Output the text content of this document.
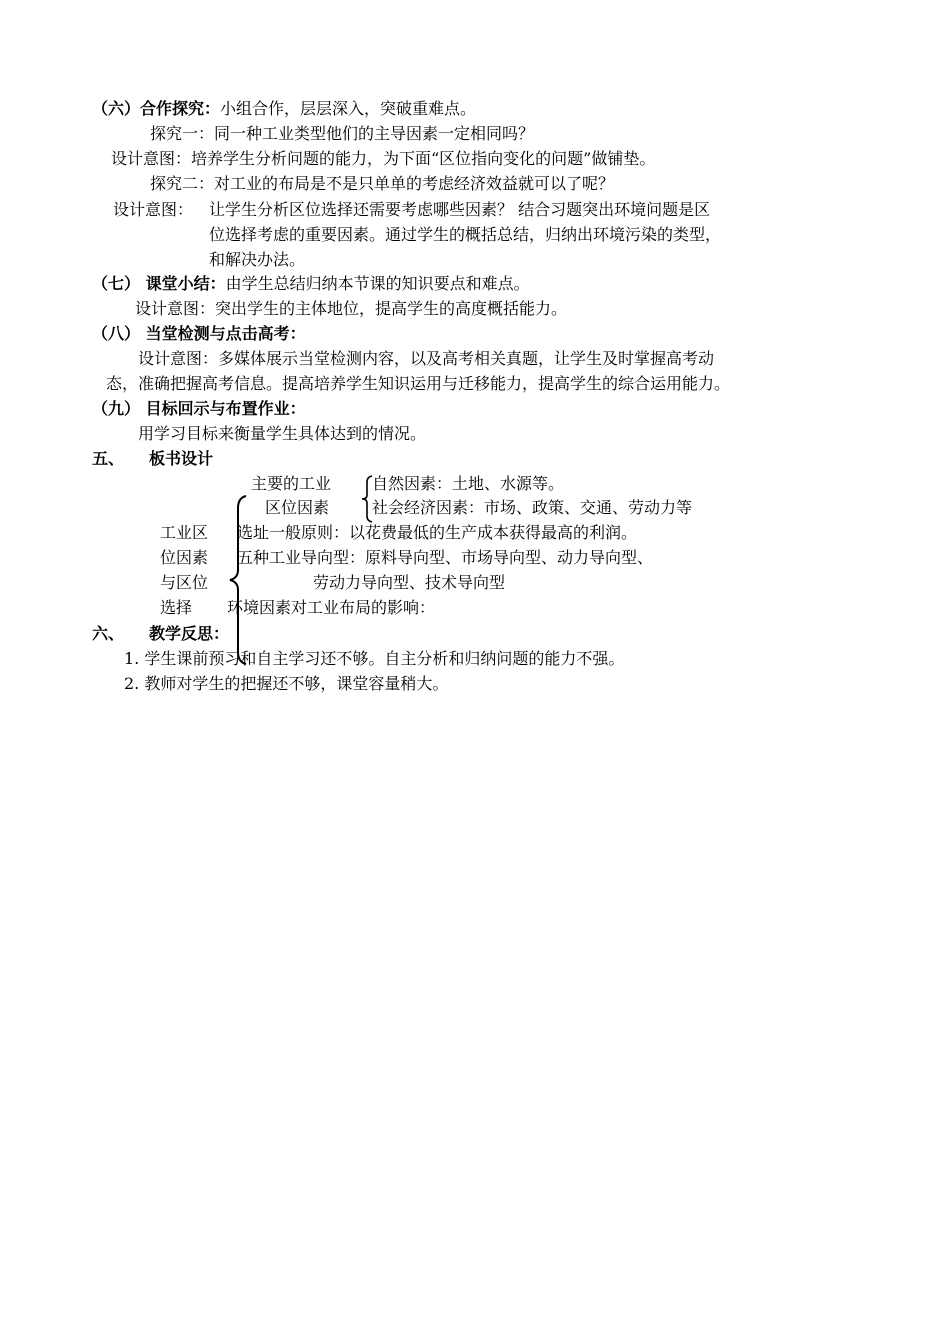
（六）合作探究：小组合作，层层深入，突破重难点。
探究一：同一种工业类型他们的主导因素一定相同吗？
设计意图：培养学生分析问题的能力，为下面“区位指向变化的问题”做铺垫。
探究二：对工业的布局是不是只单单的考虑经济效益就可以了呢？
设计意图： 让学生分析区位选择还需要考虑哪些因素？ 结合习题突出环境问题是区
位选择考虑的重要因素。通过学生的概括总结，归纳出环境污染的类型，
和解决办法。
（七） 课堂小结：由学生总结归纳本节课的知识要点和难点。
设计意图：突出学生的主体地位，提高学生的高度概括能力。
（八） 当堂检测与点击高考：
设计意图：多媒体展示当堂检测内容，以及高考相关真题，让学生及时掌握高考动
态，准确把握高考信息。提高培养学生知识运用与迁移能力，提高学生的综合运用能力。
（九） 目标回示与布置作业：
用学习目标来衡量学生具体达到的情况。
五、 板书设计
主要的工业
区位因素
自然因素：土地、水源等。
社会经济因素：市场、政策、交通、劳动力等
工业区
位因素
与区位
选择
选址一般原则：以花费最低的生产成本获得最高的利润。
五种工业导向型：原料导向型、市场导向型、动力导向型、
劳动力导向型、技术导向型
环境因素对工业布局的影响：
六、 教学反思：
1. 学生课前预习和自主学习还不够。自主分析和归纳问题的能力不强。
2. 教师对学生的把握还不够，课堂容量稍大。
